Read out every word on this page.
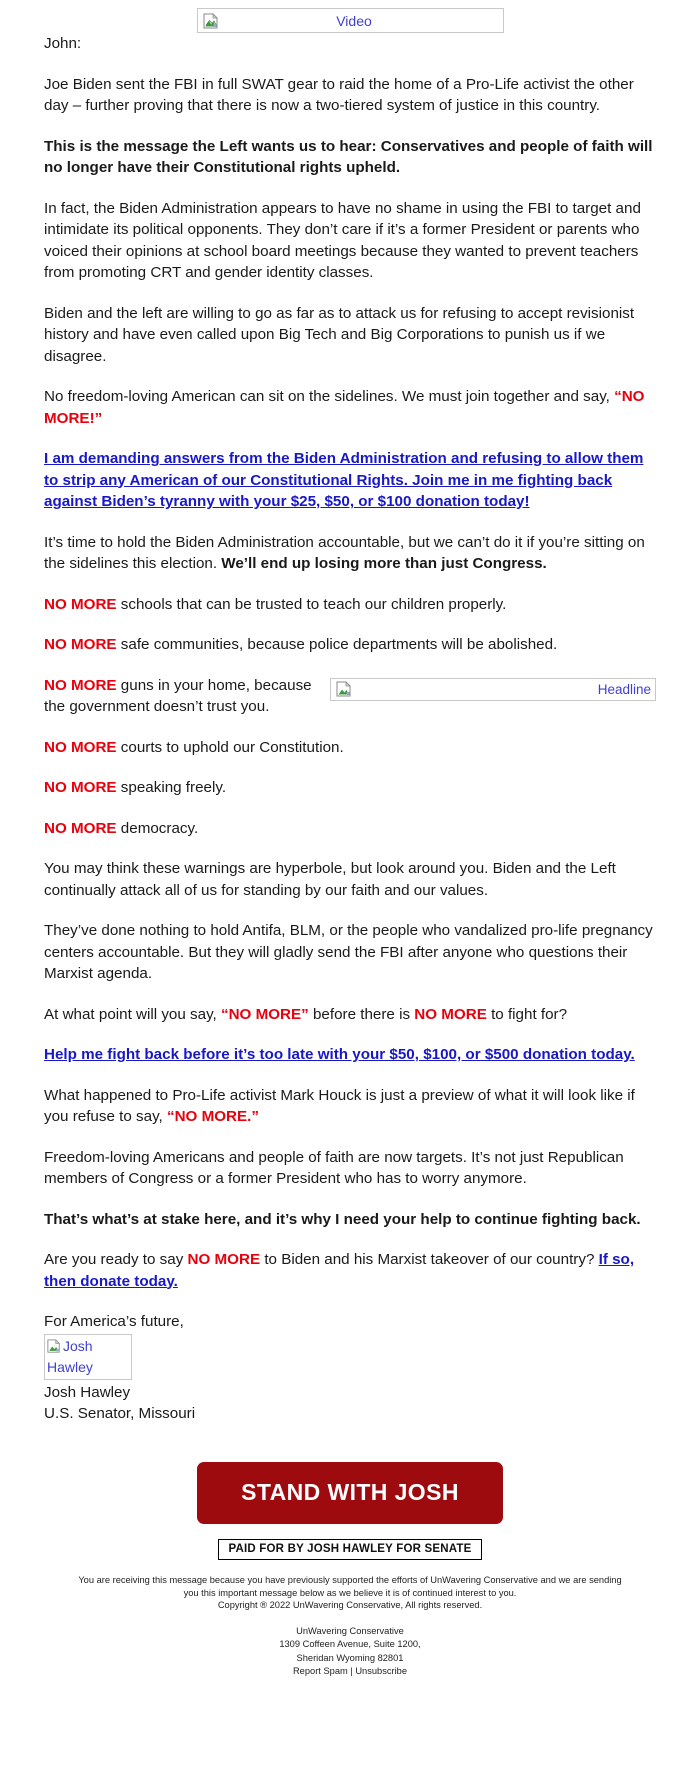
Video

John:

Joe Biden sent the FBI in full SWAT gear to raid the home of a Pro-Life activist the other day – further proving that there is now a two-tiered system of justice in this country.

This is the message the Left wants us to hear: Conservatives and people of faith will no longer have their Constitutional rights upheld.

In fact, the Biden Administration appears to have no shame in using the FBI to target and intimidate its political opponents. They don’t care if it’s a former President or parents who voiced their opinions at school board meetings because they wanted to prevent teachers from promoting CRT and gender identity classes.

Biden and the left are willing to go as far as to attack us for refusing to accept revisionist history and have even called upon Big Tech and Big Corporations to punish us if we disagree.

No freedom-loving American can sit on the sidelines. We must join together and say, “NO MORE!”

I am demanding answers from the Biden Administration and refusing to allow them to strip any American of our Constitutional Rights. Join me in me fighting back against Biden’s tyranny with your $25, $50, or $100 donation today!

It’s time to hold the Biden Administration accountable, but we can’t do it if you’re sitting on the sidelines this election. We’ll end up losing more than just Congress.

NO MORE schools that can be trusted to teach our children properly.

NO MORE safe communities, because police departments will be abolished.

Headline

NO MORE guns in your home, because the government doesn’t trust you.

NO MORE courts to uphold our Constitution.

NO MORE speaking freely.

NO MORE democracy.

You may think these warnings are hyperbole, but look around you. Biden and the Left continually attack all of us for standing by our faith and our values.

They’ve done nothing to hold Antifa, BLM, or the people who vandalized pro-life pregnancy centers accountable. But they will gladly send the FBI after anyone who questions their Marxist agenda.

At what point will you say, “NO MORE” before there is NO MORE to fight for?

Help me fight back before it’s too late with your $50, $100, or $500 donation today.

What happened to Pro-Life activist Mark Houck is just a preview of what it will look like if you refuse to say, “NO MORE.”

Freedom-loving Americans and people of faith are now targets. It’s not just Republican members of Congress or a former President who has to worry anymore.

That’s what’s at stake here, and it’s why I need your help to continue fighting back.

Are you ready to say NO MORE to Biden and his Marxist takeover of our country? If so, then donate today.

For America’s future,
Josh Hawley
Josh Hawley
U.S. Senator, Missouri
STAND WITH JOSH
PAID FOR BY JOSH HAWLEY FOR SENATE
You are receiving this message because you have previously supported the efforts of UnWavering Conservative and we are sending
you this important message below as we believe it is of continued interest to you.
Copyright ® 2022 UnWavering Conservative, All rights reserved.
UnWavering Conservative
1309 Coffeen Avenue, Suite 1200,
Sheridan Wyoming 82801
Report Spam | Unsubscribe
